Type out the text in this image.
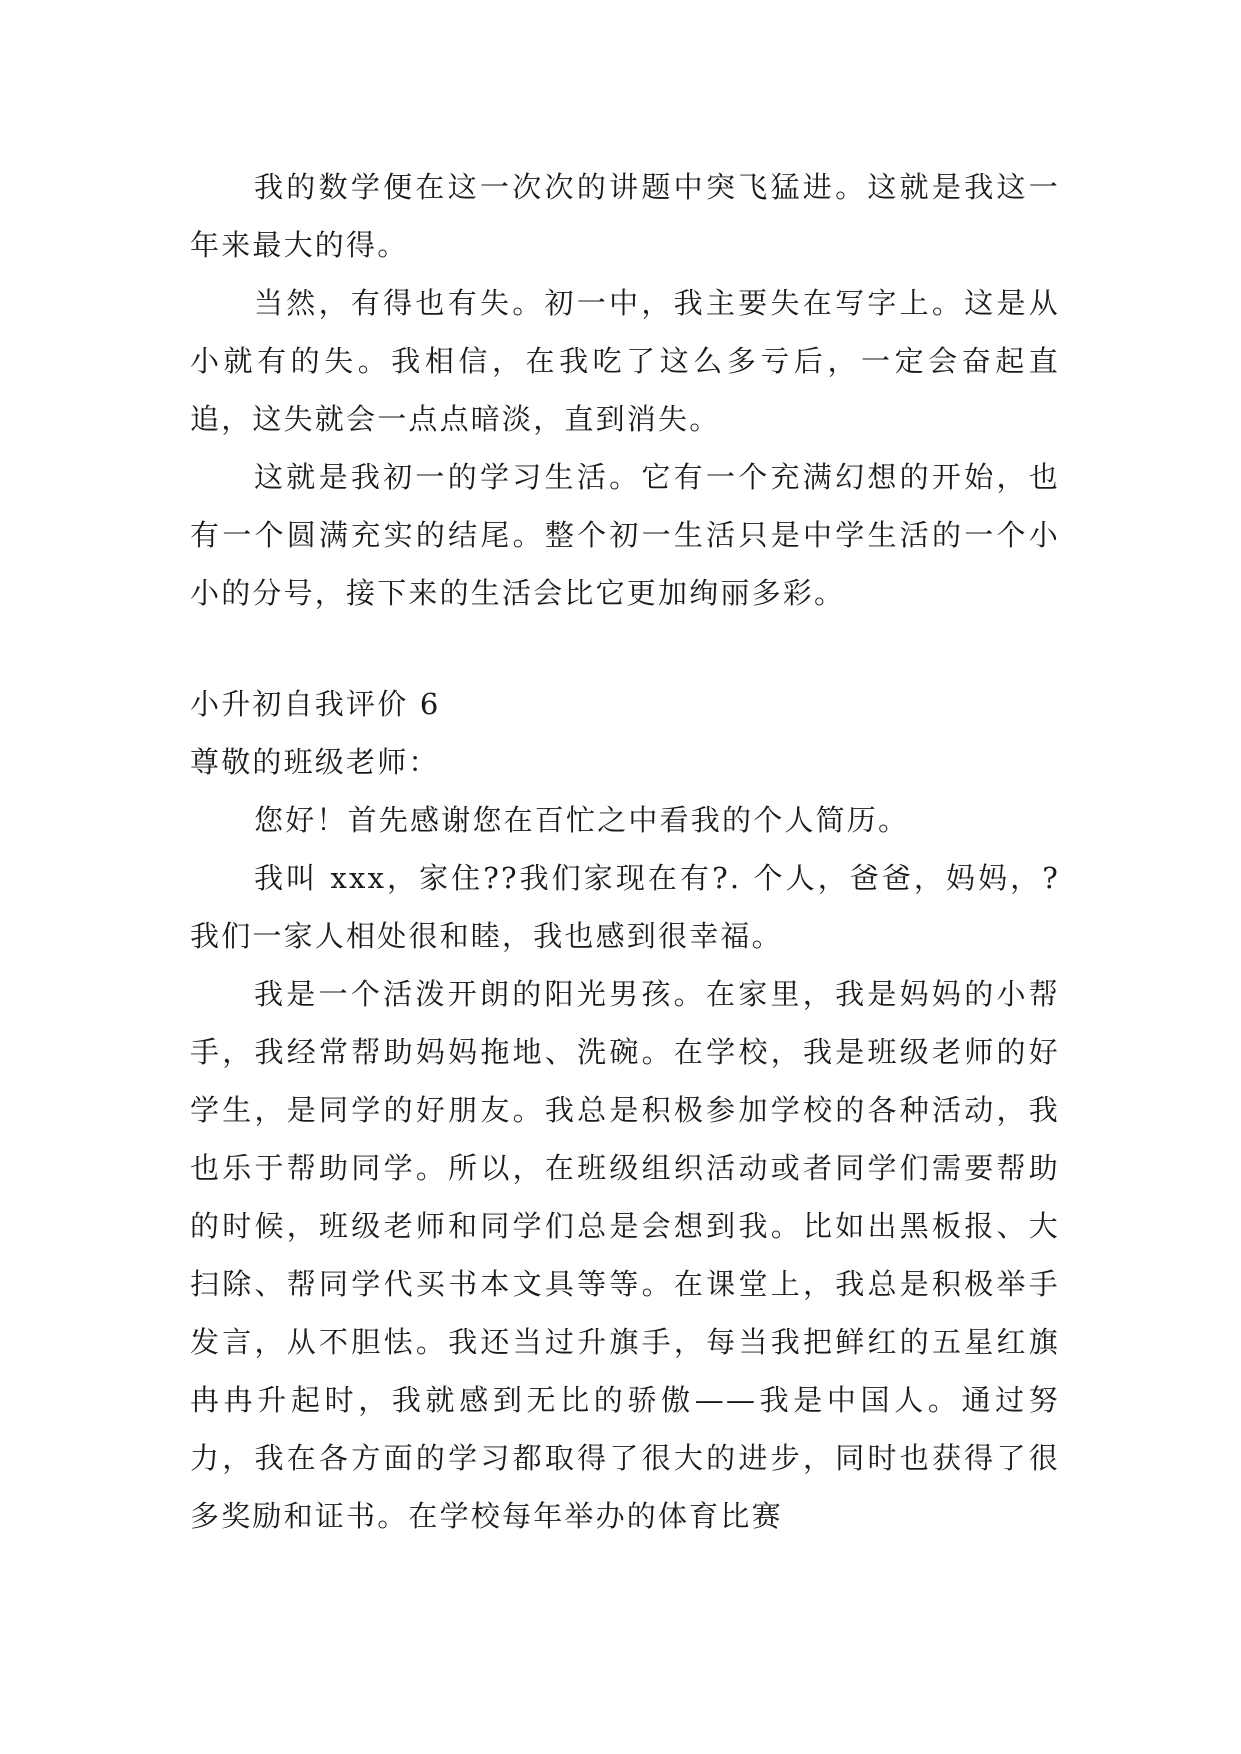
我的数学便在这一次次的讲题中突飞猛进。这就是我这一年来最大的得。

当然，有得也有失。初一中，我主要失在写字上。这是从小就有的失。我相信，在我吃了这么多亏后，一定会奋起直追，这失就会一点点暗淡，直到消失。

这就是我初一的学习生活。它有一个充满幻想的开始，也有一个圆满充实的结尾。整个初一生活只是中学生活的一个小小的分号，接下来的生活会比它更加绚丽多彩。

小升初自我评价 6

尊敬的班级老师：

您好！首先感谢您在百忙之中看我的个人简历。

我叫 xxx，家住??我们家现在有?. 个人，爸爸，妈妈，?我们一家人相处很和睦，我也感到很幸福。

我是一个活泼开朗的阳光男孩。在家里，我是妈妈的小帮手，我经常帮助妈妈拖地、洗碗。在学校，我是班级老师的好学生，是同学的好朋友。我总是积极参加学校的各种活动，我也乐于帮助同学。所以，在班级组织活动或者同学们需要帮助的时候，班级老师和同学们总是会想到我。比如出黑板报、大扫除、帮同学代买书本文具等等。在课堂上，我总是积极举手发言，从不胆怯。我还当过升旗手，每当我把鲜红的五星红旗冉冉升起时，我就感到无比的骄傲——我是中国人。通过努力，我在各方面的学习都取得了很大的进步，同时也获得了很多奖励和证书。在学校每年举办的体育比赛
